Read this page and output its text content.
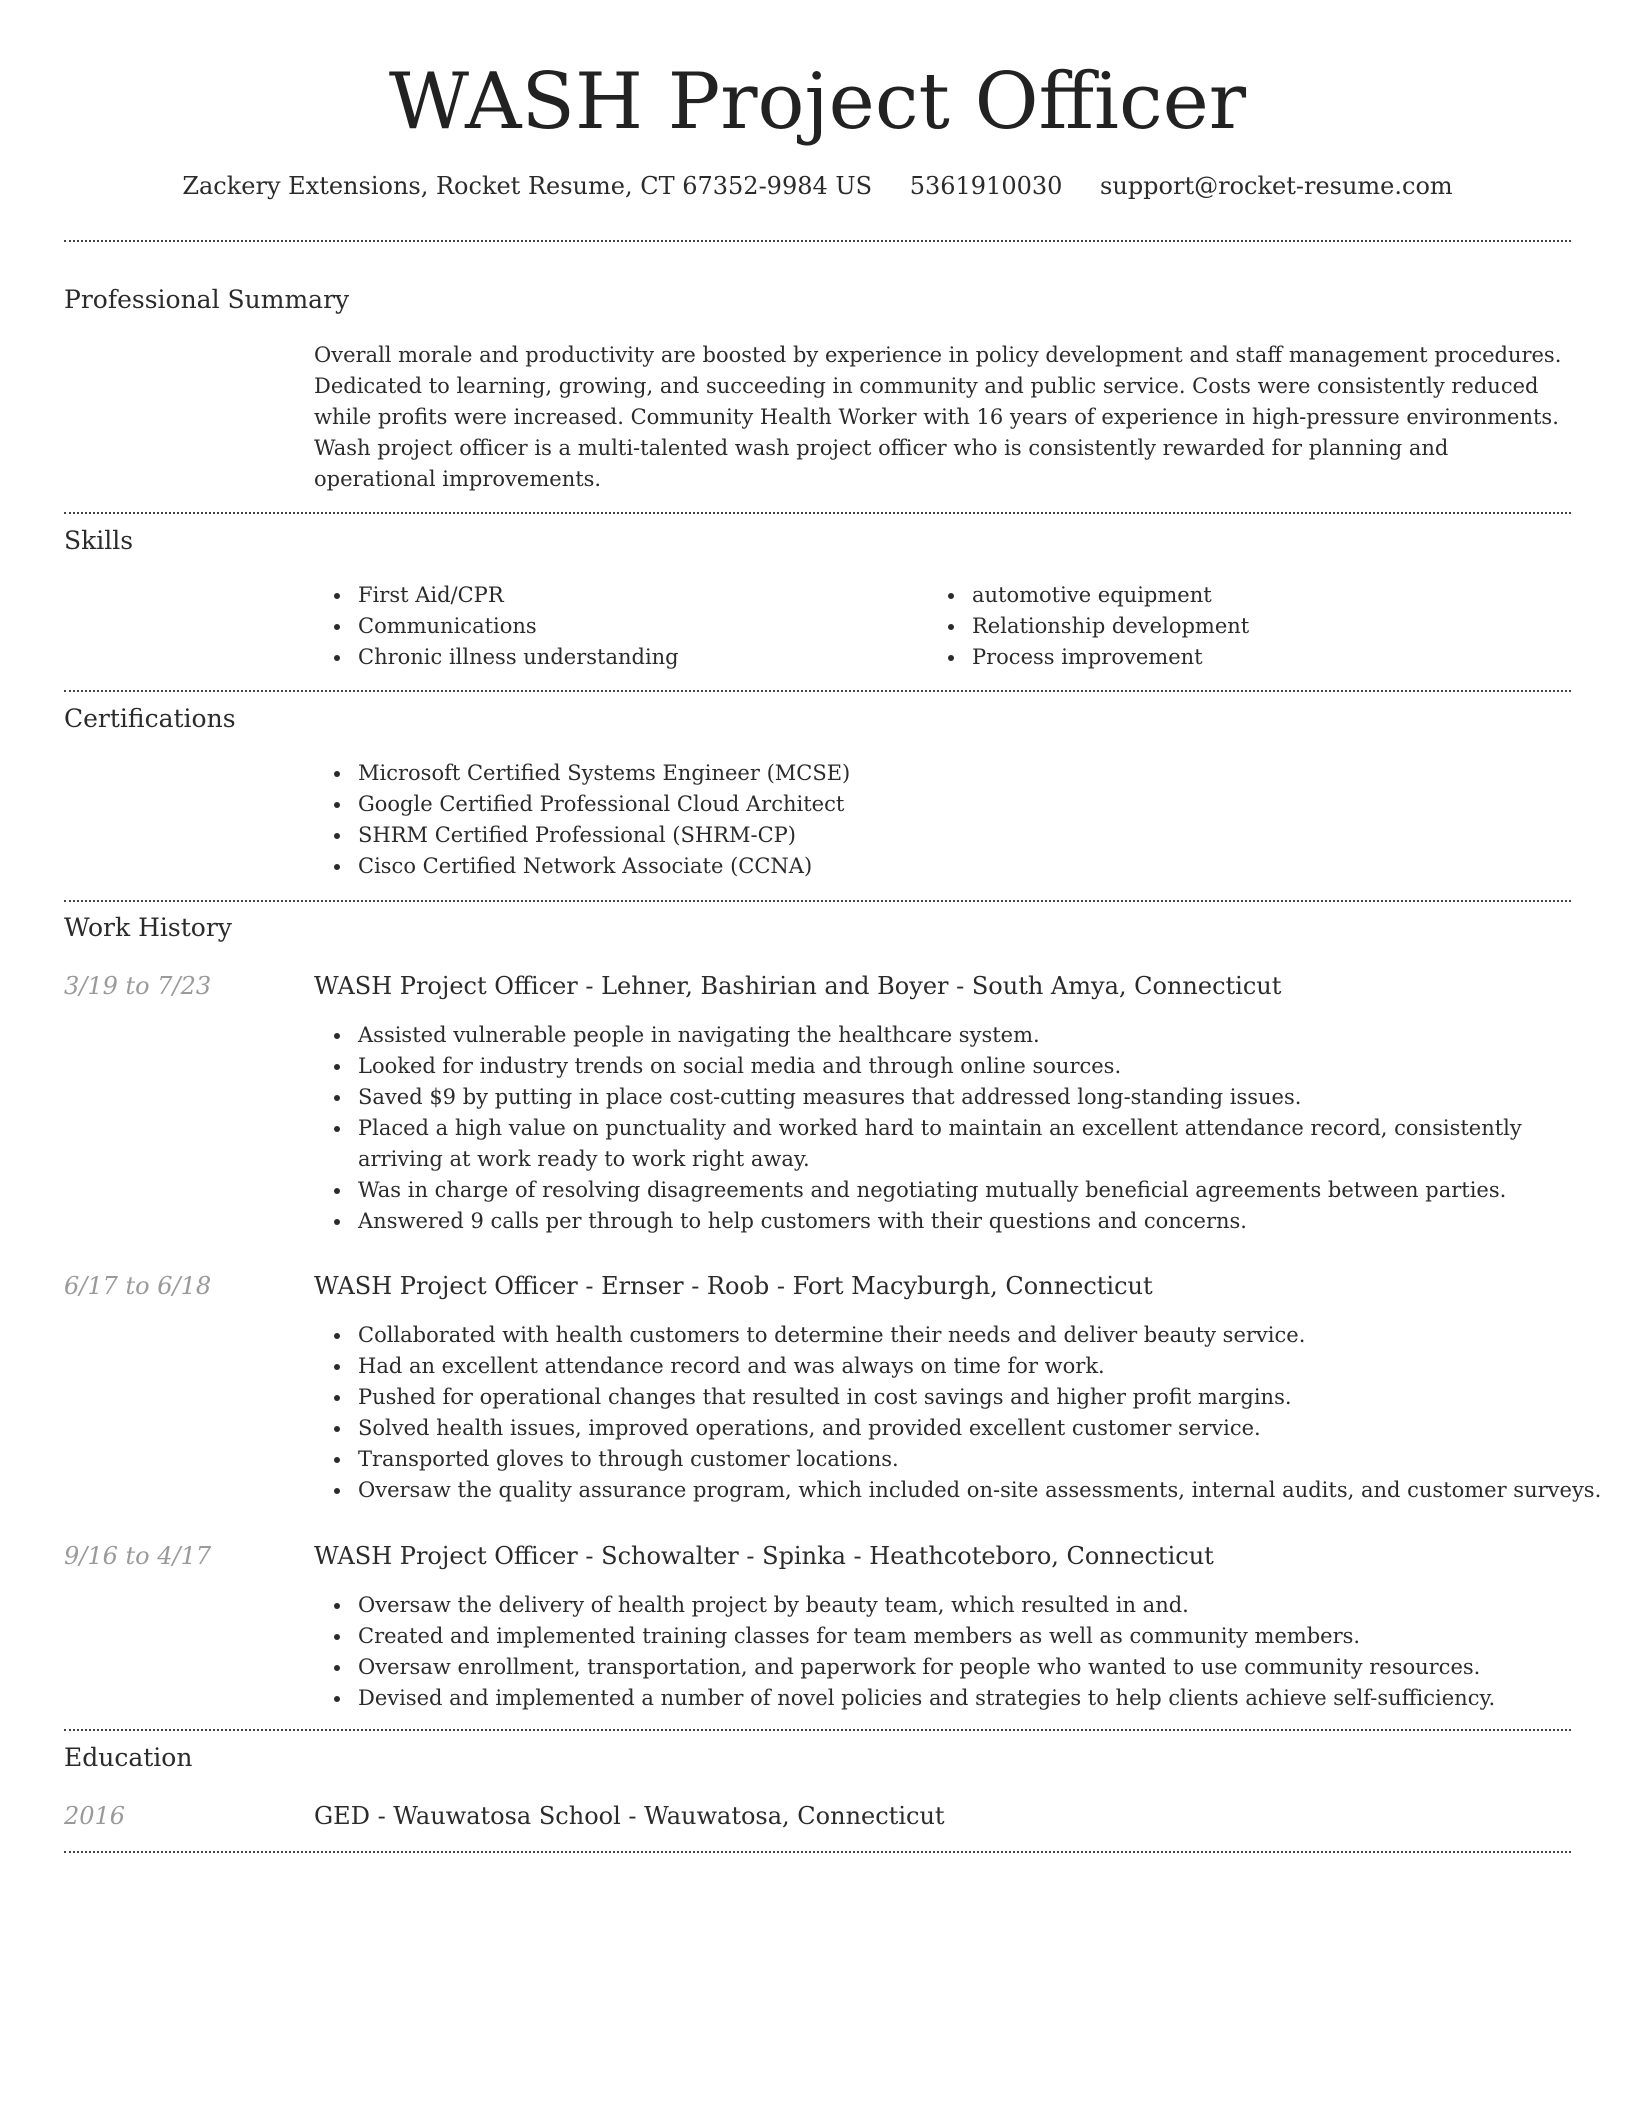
WASH Project Officer
Zackery Extensions, Rocket Resume, CT 67352-9984 US 5361910030 support@rocket-resume.com
Professional Summary
Overall morale and productivity are boosted by experience in policy development and staff management procedures. Dedicated to learning, growing, and succeeding in community and public service. Costs were consistently reduced while profits were increased. Community Health Worker with 16 years of experience in high-pressure environments. Wash project officer is a multi-talented wash project officer who is consistently rewarded for planning and operational improvements.
Skills
First Aid/CPR
Communications
Chronic illness understanding
automotive equipment
Relationship development
Process improvement
Certifications
Microsoft Certified Systems Engineer (MCSE)
Google Certified Professional Cloud Architect
SHRM Certified Professional (SHRM-CP)
Cisco Certified Network Associate (CCNA)
Work History
3/19 to 7/23	WASH Project Officer - Lehner, Bashirian and Boyer - South Amya, Connecticut
Assisted vulnerable people in navigating the healthcare system.
Looked for industry trends on social media and through online sources.
Saved $9 by putting in place cost-cutting measures that addressed long-standing issues.
Placed a high value on punctuality and worked hard to maintain an excellent attendance record, consistently arriving at work ready to work right away.
Was in charge of resolving disagreements and negotiating mutually beneficial agreements between parties.
Answered 9 calls per through to help customers with their questions and concerns.
6/17 to 6/18	WASH Project Officer - Ernser - Roob - Fort Macyburgh, Connecticut
Collaborated with health customers to determine their needs and deliver beauty service.
Had an excellent attendance record and was always on time for work.
Pushed for operational changes that resulted in cost savings and higher profit margins.
Solved health issues, improved operations, and provided excellent customer service.
Transported gloves to through customer locations.
Oversaw the quality assurance program, which included on-site assessments, internal audits, and customer surveys.
9/16 to 4/17	WASH Project Officer - Schowalter - Spinka - Heathcoteboro, Connecticut
Oversaw the delivery of health project by beauty team, which resulted in and.
Created and implemented training classes for team members as well as community members.
Oversaw enrollment, transportation, and paperwork for people who wanted to use community resources.
Devised and implemented a number of novel policies and strategies to help clients achieve self-sufficiency.
Education
2016	GED - Wauwatosa School - Wauwatosa, Connecticut
